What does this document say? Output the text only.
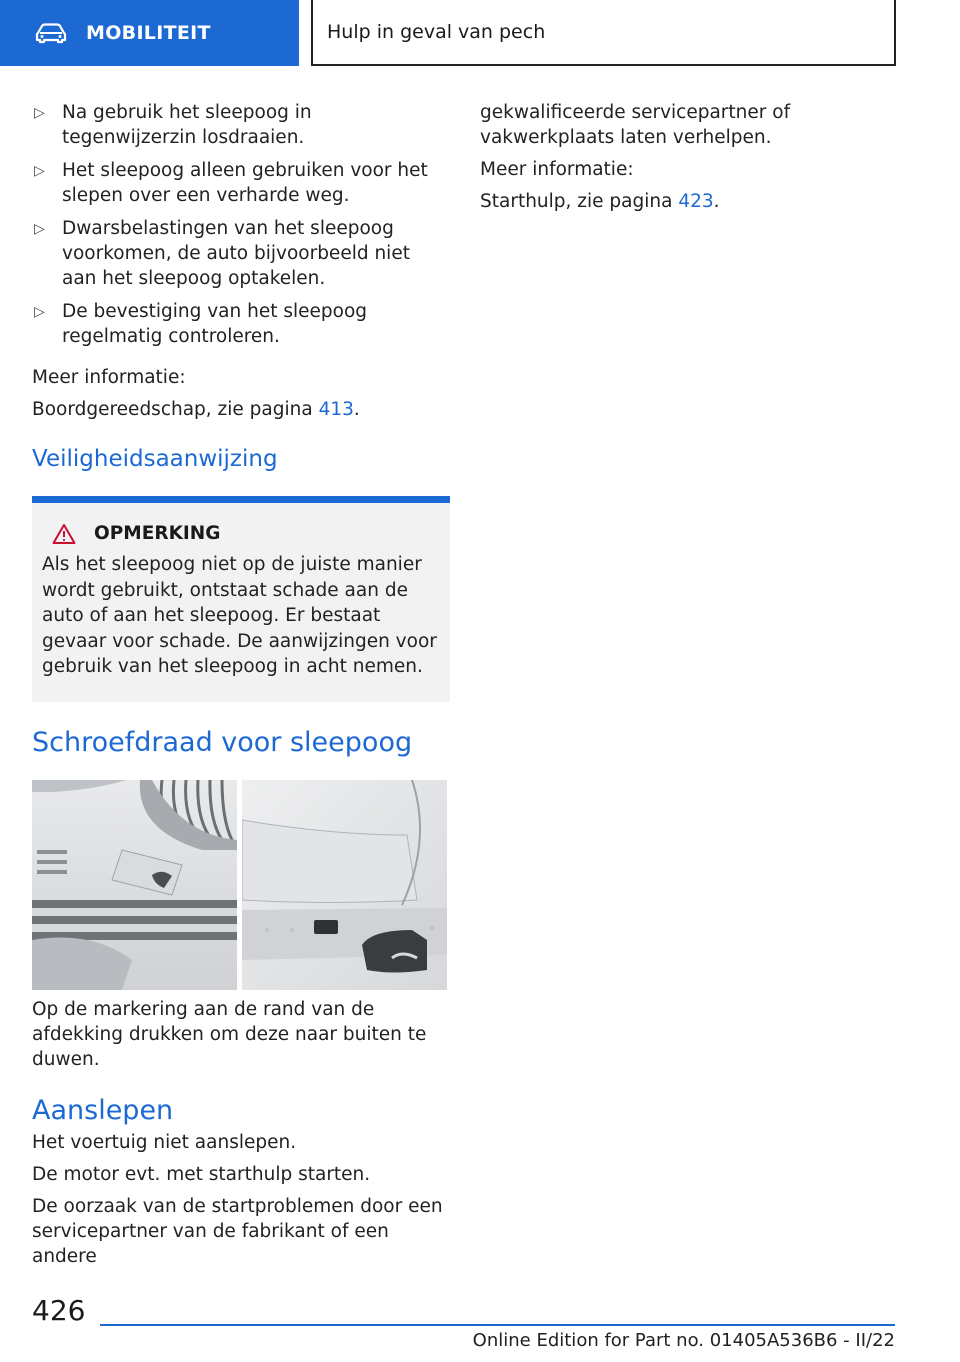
MOBILITEIT	Hulp in geval van pech
▷ Na gebruik het sleepoog in tegenwijzerzin losdraaien.
▷ Het sleepoog alleen gebruiken voor het slepen over een verharde weg.
▷ Dwarsbelastingen van het sleepoog voorkomen, de auto bijvoorbeeld niet aan het sleepoog optakelen.
▷ De bevestiging van het sleepoog regelmatig controleren.

Meer informatie:

Boordgereedschap, zie pagina 413.

Veiligheidsaanwijzing
OPMERKING

Als het sleepoog niet op de juiste manier wordt gebruikt, ontstaat schade aan de auto of aan het sleepoog. Er bestaat gevaar voor schade. De aanwijzingen voor gebruik van het sleepoog in acht nemen.

Schroefdraad voor sleepoog

Op de markering aan de rand van de afdekking drukken om deze naar buiten te duwen.

Aanslepen

Het voertuig niet aanslepen.

De motor evt. met starthulp starten.

De oorzaak van de startproblemen door een servicepartner van de fabrikant of een andere

gekwalificeerde servicepartner of vakwerkplaats laten verhelpen.

Meer informatie:

Starthulp, zie pagina 423.

426
Online Edition for Part no. 01405A536B6 - II/22
